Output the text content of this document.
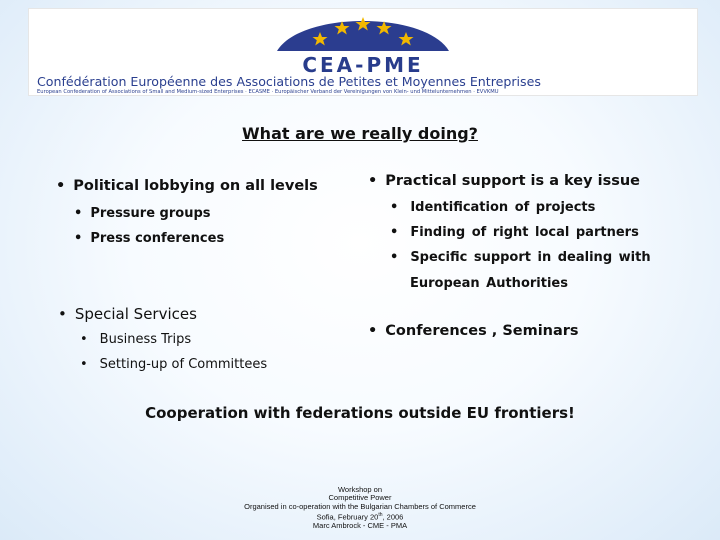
CEA-PME
Confédération Européenne des Associations de Petites et Moyennes Entreprises
European Confederation of Associations of Small and Medium-sized Enterprises · ECASME · Europäischer Verband der Vereinigungen von Klein- und Mittelunternehmen · EVVKMU
What are we really doing?
• Political lobbying on all levels
• Pressure groups
• Press conferences
• Practical support is a key issue
• Identification of projects
• Finding of right local partners
• Specific support in dealing with
European Authorities
• Special Services
• Business Trips
• Setting-up of Committees
• Conferences , Seminars
Cooperation with federations outside EU frontiers!
Workshop on
Competitive Power
Organised in co-operation with the Bulgarian Chambers of Commerce
Sofia, February 20th, 2006
Marc Ambrock - CME - PMA
